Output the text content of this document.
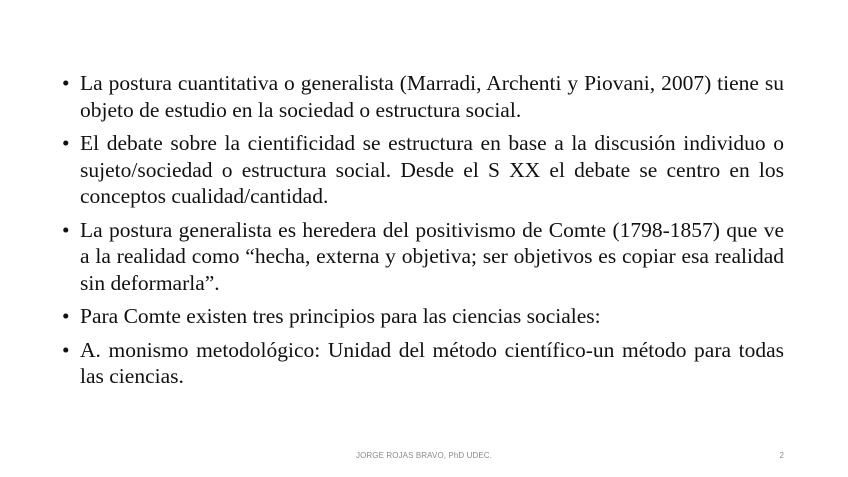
• La postura cuantitativa o generalista (Marradi, Archenti y Piovani, 2007) tiene su objeto de estudio en la sociedad o estructura social.
• El debate sobre la cientificidad se estructura en base a la discusión individuo o sujeto/sociedad o estructura social. Desde el S XX el debate se centro en los conceptos cualidad/cantidad.
• La postura generalista es heredera del positivismo de Comte (1798-1857) que ve a la realidad como “hecha, externa y objetiva; ser objetivos es copiar esa realidad sin deformarla”.
• Para Comte existen tres principios para las ciencias sociales:
• A. monismo metodológico: Unidad del método científico-un método para todas las ciencias.
JORGE ROJAS BRAVO, PhD UDEC.	2
